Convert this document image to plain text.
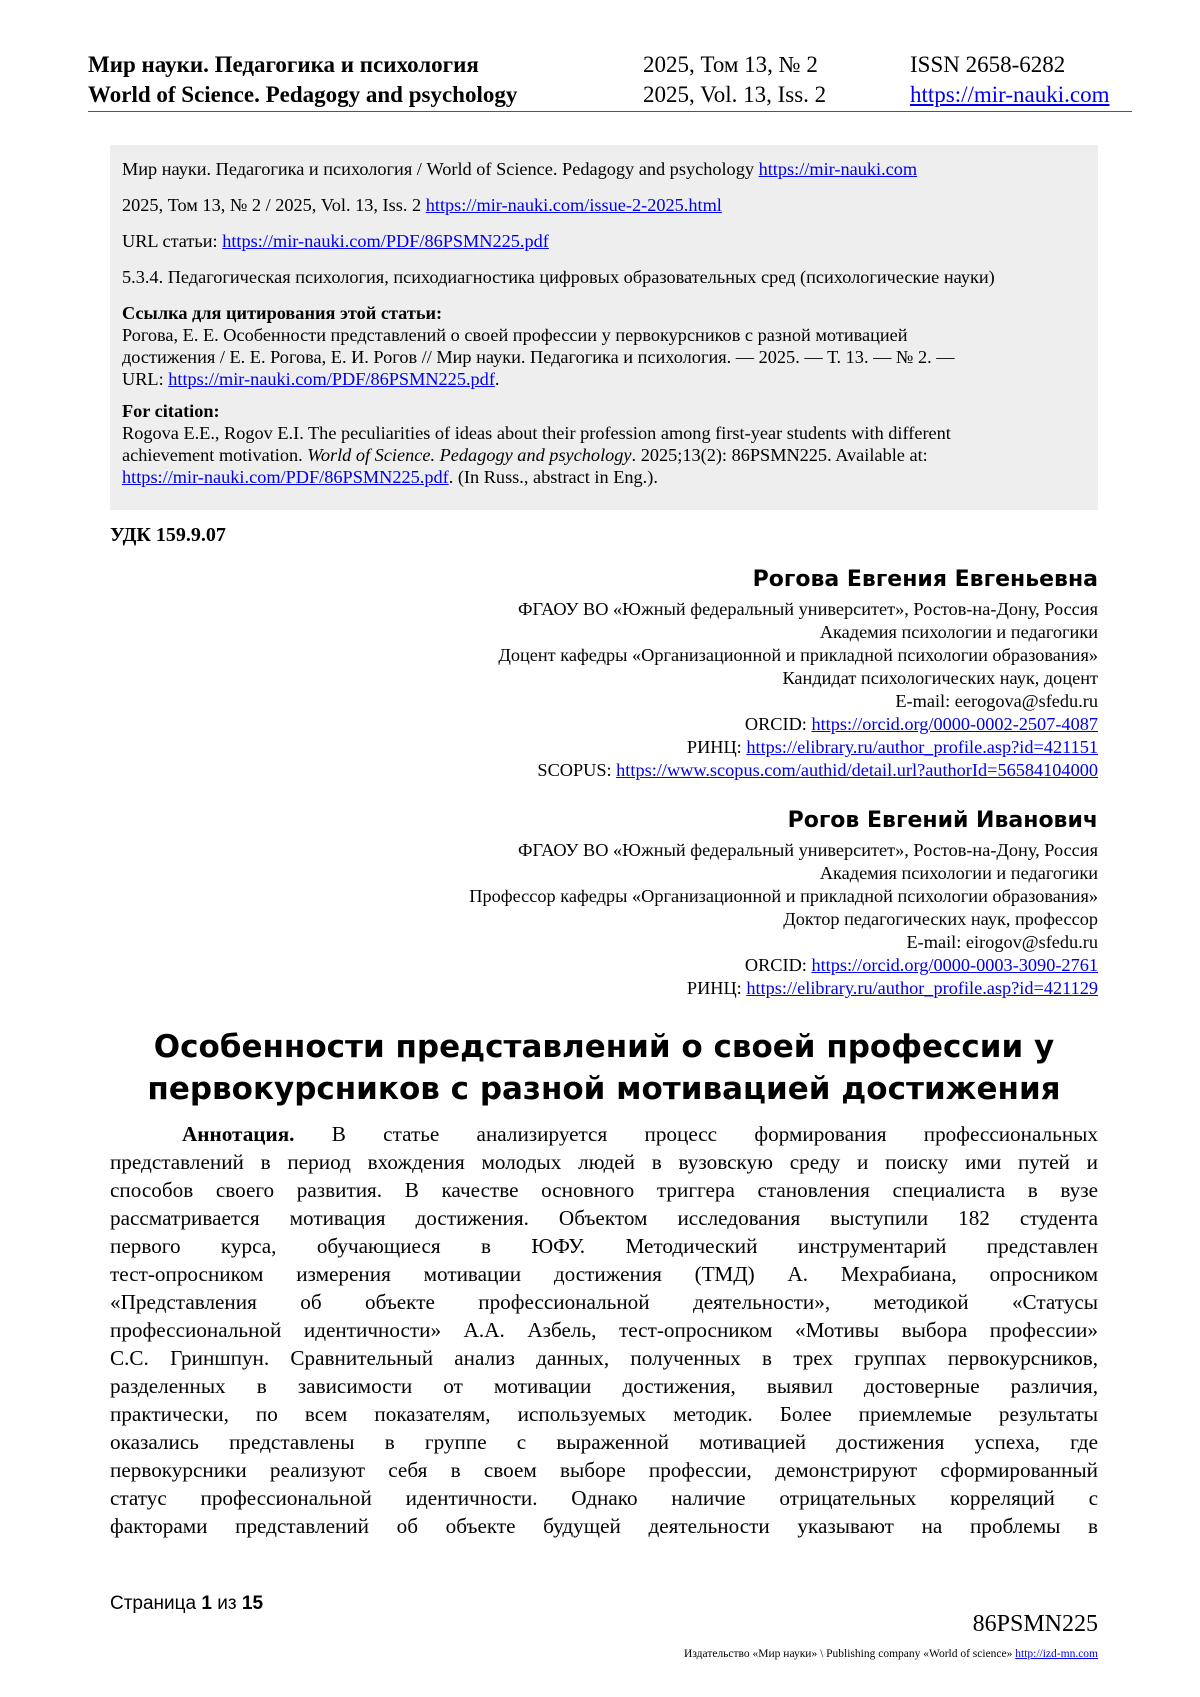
Мир науки. Педагогика и психология
World of Science. Pedagogy and psychology
2025, Том 13, № 2
2025, Vol. 13, Iss. 2
ISSN 2658-6282
https://mir-nauki.com

Мир науки. Педагогика и психология / World of Science. Pedagogy and psychology https://mir-nauki.com

2025, Том 13, № 2 / 2025, Vol. 13, Iss. 2 https://mir-nauki.com/issue-2-2025.html

URL статьи: https://mir-nauki.com/PDF/86PSMN225.pdf

5.3.4. Педагогическая психология, психодиагностика цифровых образовательных сред (психологические науки)

Ссылка для цитирования этой статьи:

Рогова, Е. Е. Особенности представлений о своей профессии у первокурсников с разной мотивацией

достижения / Е. Е. Рогова, Е. И. Рогов // Мир науки. Педагогика и психология. — 2025. — Т. 13. — № 2. —

URL: https://mir-nauki.com/PDF/86PSMN225.pdf.

For citation:

Rogova E.E., Rogov E.I. The peculiarities of ideas about their profession among first-year students with different

achievement motivation. World of Science. Pedagogy and psychology. 2025;13(2): 86PSMN225. Available at:

https://mir-nauki.com/PDF/86PSMN225.pdf. (In Russ., abstract in Eng.).

УДК 159.9.07
Рогова Евгения Евгеньевна
ФГАОУ ВО «Южный федеральный университет», Ростов-на-Дону, Россия
Академия психологии и педагогики
Доцент кафедры «Организационной и прикладной психологии образования»
Кандидат психологических наук, доцент
E-mail: eerogova@sfedu.ru
ORCID: https://orcid.org/0000-0002-2507-4087
РИНЦ: https://elibrary.ru/author_profile.asp?id=421151
SCOPUS: https://www.scopus.com/authid/detail.url?authorId=56584104000
Рогов Евгений Иванович
ФГАОУ ВО «Южный федеральный университет», Ростов-на-Дону, Россия
Академия психологии и педагогики
Профессор кафедры «Организационной и прикладной психологии образования»
Доктор педагогических наук, профессор
E-mail: eirogov@sfedu.ru
ORCID: https://orcid.org/0000-0003-3090-2761
РИНЦ: https://elibrary.ru/author_profile.asp?id=421129
Особенности представлений о своей профессии у
первокурсников с разной мотивацией достижения
Аннотация. В статье анализируется процесс формирования профессиональных
представлений в период вхождения молодых людей в вузовскую среду и поиску ими путей и
способов своего развития. В качестве основного триггера становления специалиста в вузе
рассматривается мотивация достижения. Объектом исследования выступили 182 студента
первого курса, обучающиеся в ЮФУ. Методический инструментарий представлен
тест-опросником измерения мотивации достижения (ТМД) А. Мехрабиана, опросником
«Представления об объекте профессиональной деятельности», методикой «Статусы
профессиональной идентичности» А.А. Азбель, тест-опросником «Мотивы выбора профессии»
С.С. Гриншпун. Сравнительный анализ данных, полученных в трех группах первокурсников,
разделенных в зависимости от мотивации достижения, выявил достоверные различия,
практически, по всем показателям, используемых методик. Более приемлемые результаты
оказались представлены в группе с выраженной мотивацией достижения успеха, где
первокурсники реализуют себя в своем выборе профессии, демонстрируют сформированный
статус профессиональной идентичности. Однако наличие отрицательных корреляций с
факторами представлений об объекте будущей деятельности указывают на проблемы в
Страница 1 из 15
86PSMN225
Издательство «Мир науки» \ Publishing company «World of science» http://izd-mn.com
